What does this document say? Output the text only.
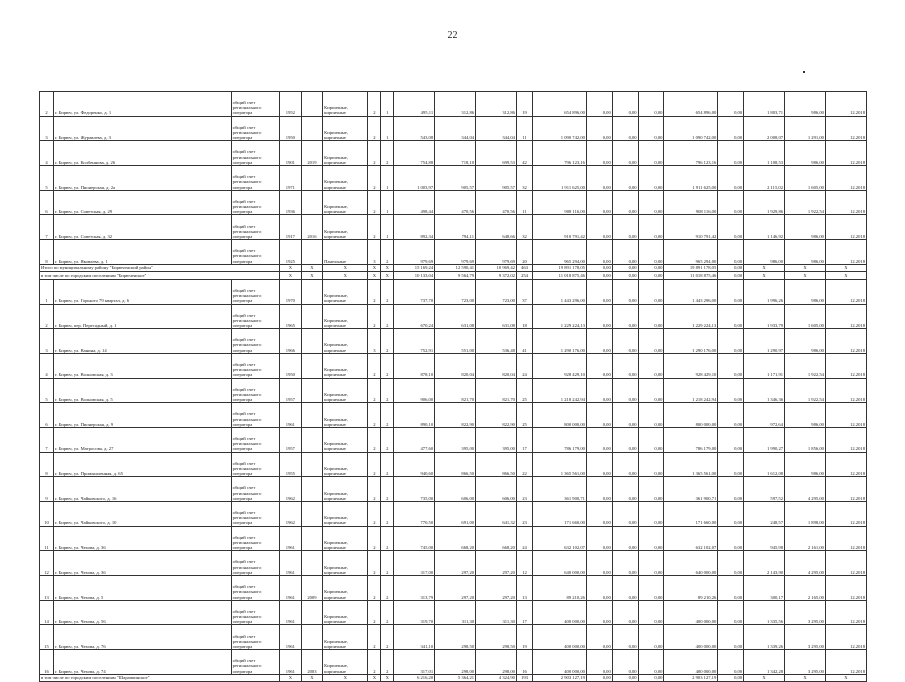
22
2	г. Бирюч, ул. Федоренко, д. 1	общий счет регионального оператора	1952		Кирпичные, кирпичные	2	1	495,11	312,86	312,86	19	654 896,00	0,00	0,00	0,00	654 896,00	0,00	1 803,71	986,00	12.2018
3	г. Бирюч, ул. Журавлева, д. 3	общий счет регионального оператора	1950		Кирпичные, кирпичные	2	1	543,08	344,04	344,04	11	1 090 742,00	0,00	0,00	0,00	1 090 742,00	0,00	2 008,07	1 291,00	12.2018
4	г. Бирюч, ул. Колбеннова, д. 26	общий счет регионального оператора	1901	2019	Кирпичные, кирпичные	2	2	754,88	718,10	699,53	42	796 123,16	0,00	0,00	0,00	796 123,16	0,00	1 108,53	986,00	12.2018
5	г. Бирюч, ул. Пионерская, д. 2а	общий счет регионального оператора	1971		Кирпичные, кирпичные	2	1	1 003,97	905,57	905,57	32	1 911 625,00	0,00	0,00	0,00	1 911 625,00	0,00	2 115,02	1 605,00	12.2018
6	г. Бирюч, ул. Советская, д. 29	общий счет регионального оператора	1936		Кирпичные, кирпичные	2	1	498,44	470,56	470,56	11	908 116,00	0,00	0,00	0,00	908 116,00	0,00	1 929,86	1 922,54	12.2018
7	г. Бирюч, ул. Советская, д. 32	общий счет регионального оператора	1917	2016	Кирпичные, кирпичные	2	1	892,34	794,11	648,66	32	910 791,42	0,00	0,00	0,00	910 791,42	0,00	1 146,92	986,00	12.2018
8	г. Бирюч, ул. Яковлева, д. 1	общий счет регионального оператора	1925		Панельные	3	2	979,69	979,69	979,69	20	965 294,00	0,00	0,00	0,00	965 294,00	0,00	986,00	986,00	12.2018
Итого по муниципальному району "Бирюченский район"			X	X	X	X	X	15 169,24	12 590,41	10 969,42	463	19 891 178,05	0,00	0,00	0,00	19 891 178,05	0,00	X	X	X
в том числе по городским поселениям "Бирюченское"			X	X	X	X	X	10 133,04	9 564,79	9 372,02	254	11 018 875,46	0,00	0,00	0,00	11 018 875,46	0,00	X	X	X
1	г. Бирюч, ул. Горького 79 квартал, д. 6	общий счет регионального оператора	1970		Кирпичные, кирпичные	2	2	737,70	723,00	723,00	37	1 443 296,00	0,00	0,00	0,00	1 443 296,00	0,00	1 996,26	986,00	12.2018
2	г. Бирюч, пер. Пересадный, д. 1	общий счет регионального оператора	1965		Кирпичные, кирпичные	2	2	670,24	631,08	631,08	18	1 229 224,13	0,00	0,00	0,00	1 229 224,13	0,00	1 933,79	1 605,00	12.2018
3	г. Бирюч, ул. Ванина, д. 14	общий счет регионального оператора	1966		Кирпичные, кирпичные	3	2	752,91	551,00	536,48	41	1 290 176,00	0,00	0,00	0,00	1 290 176,00	0,00	1 290,97	986,00	12.2018
4	г. Бирюч, ул. Волновская, д. 3	общий счет регионального оператора	1950		Кирпичные, кирпичные	2	2	878,10	820,04	820,04	24	928 429,10	0,00	0,00	0,00	928 429,10	0,00	1 171,91	1 922,54	12.2018
5	г. Бирюч, ул. Волновская, д. 5	общий счет регионального оператора	1957		Кирпичные, кирпичные	2	2	906,00	821,70	821,70	25	1 218 242,94	0,00	0,00	0,00	1 218 242,94	0,00	1 346,36	1 922,54	12.2018
6	г. Бирюч, ул. Пионерская, д. 9	общий счет регионального оператора	1961		Кирпичные, кирпичные	2	2	890,10	822,90	822,90	25	800 000,00	0,00	0,00	0,00	800 000,00	0,00	972,64	986,00	12.2018
7	г. Бирюч, ул. Матросова, д. 27	общий счет регионального оператора	1957		Кирпичные, кирпичные	2	2	477,60	395,00	395,00	17	786 179,00	0,00	0,00	0,00	786 179,00	0,00	1 990,27	1 856,00	12.2018
8	г. Бирюч, ул. Промышленная, д. 65	общий счет регионального оператора	1955		Кирпичные, кирпичные	2	2	940,60	866,50	866,50	22	1 365 561,00	0,00	0,00	0,00	1 365 561,00	0,00	1 612,08	986,00	12.2018
9	г. Бирюч, ул. Чайковского, д. 16	общий счет регионального оператора	1962		Кирпичные, кирпичные	2	2	735,00	606,00	606,00	23	361 900,71	0,00	0,00	0,00	361 900,71	0,00	597,52	4 295,00	12.2018
10	г. Бирюч, ул. Чайковского, д. 10	общий счет регионального оператора	1962		Кирпичные, кирпичные	2	2	770,50	691,00	641,32	23	171 660,00	0,00	0,00	0,00	171 660,00	0,00	248,57	1 898,00	12.2018
11	г. Бирюч, ул. Чехова, д. 36	общий счет регионального оператора	1961		Кирпичные, кирпичные	2	2	745,00	668,20	668,20	24	632 102,07	0,00	0,00	0,00	632 102,07	0,00	945,98	2 161,00	12.2018
12	г. Бирюч, ул. Чехова, д. 36	общий счет регионального оператора	1961		Кирпичные, кирпичные	2	2	317,00	297,20	297,20	12	640 000,00	0,00	0,00	0,00	640 000,00	0,00	2 143,90	4 295,00	12.2018
13	г. Бирюч, ул. Чехова, д. 5	общий счет регионального оператора	1961	2009	Кирпичные, кирпичные	2	2	313,79	297,20	297,20	13	89 210,26	0,00	0,00	0,00	89 210,26	0,00	300,17	2 165,00	12.2018
14	г. Бирюч, ул. Чехова, д. 56	общий счет регионального оператора	1961		Кирпичные, кирпичные	2	2	319,70	311,30	311,30	17	400 000,00	0,00	0,00	0,00	400 000,00	0,00	1 335,56	3 295,00	12.2018
15	г. Бирюч, ул. Чехова, д. 76	общий счет регионального оператора	1961		Кирпичные, кирпичные	2	2	341,10	298,50	298,50	19	400 000,00	0,00	0,00	0,00	400 000,00	0,00	1 339,26	3 295,00	12.2018
16	г. Бирюч, ул. Чехова, д. 74	общий счет регионального оператора	1961	2003	Кирпичные, кирпичные	2	2	317,01	298,00	298,00	16	400 000,00	0,00	0,00	0,00	400 000,00	0,00	1 342,28	3 295,00	12.2018
в том числе по городским поселениям "Шарапкинское"			X	X	X	X	X	6 216,20	5 364,21	4 324,90	193	2 903 127,19	0,00	0,00	0,00	2 903 127,19	0,00	X	X	X
